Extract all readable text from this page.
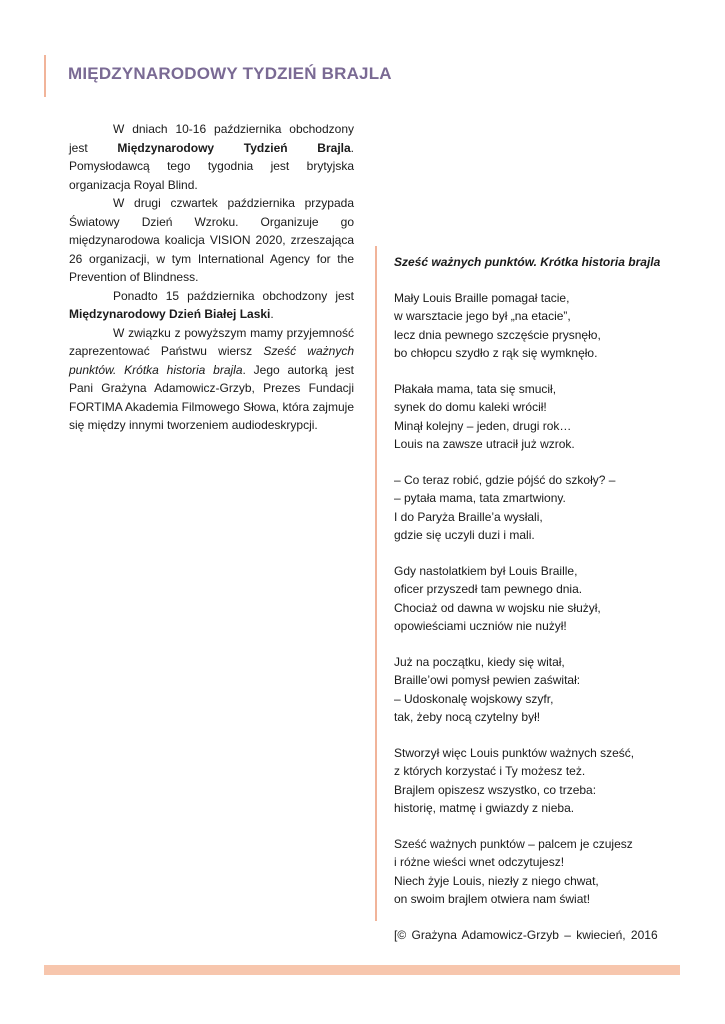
MIĘDZYNARODOWY TYDZIEŃ BRAJLA

W dniach 10-16 października obchodzony jest Międzynarodowy Tydzień Brajla. Pomysłodawcą tego tygodnia jest brytyjska organizacja Royal Blind.

W drugi czwartek października przypada Światowy Dzień Wzroku. Organizuje go międzynarodowa koalicja VISION 2020, zrzeszająca 26 organizacji, w tym International Agency for the Prevention of Blindness.

Ponadto 15 października obchodzony jest Międzynarodowy Dzień Białej Laski.

W związku z powyższym mamy przyjemność zaprezentować Państwu wiersz Sześć ważnych punktów. Krótka historia brajla. Jego autorką jest Pani Grażyna Adamowicz-Grzyb, Prezes Fundacji FORTIMA Akademia Filmowego Słowa, która zajmuje się między innymi tworzeniem audiodeskrypcji.

Sześć ważnych punktów. Krótka historia brajla

Mały Louis Braille pomagał tacie,
w warsztacie jego był „na etacie”,
lecz dnia pewnego szczęście prysnęło,
bo chłopcu szydło z rąk się wymknęło.
Płakała mama, tata się smucił,
synek do domu kaleki wrócił!
Minął kolejny – jeden, drugi rok…
Louis na zawsze utracił już wzrok.
– Co teraz robić, gdzie pójść do szkoły? –
– pytała mama, tata zmartwiony.
I do Paryża Braille’a wysłali,
gdzie się uczyli duzi i mali.
Gdy nastolatkiem był Louis Braille,
oficer przyszedł tam pewnego dnia.
Chociaż od dawna w wojsku nie służył,
opowieściami uczniów nie nużył!
Już na początku, kiedy się witał,
Braille’owi pomysł pewien zaświtał:
– Udoskonalę wojskowy szyfr,
tak, żeby nocą czytelny był!
Stworzył więc Louis punktów ważnych sześć,
z których korzystać i Ty możesz też.
Brajlem opiszesz wszystko, co trzeba:
historię, matmę i gwiazdy z nieba.
Sześć ważnych punktów – palcem je czujesz
i różne wieści wnet odczytujesz!
Niech żyje Louis, niezły z niego chwat,
on swoim brajlem otwiera nam świat!

[© Grażyna Adamowicz-Grzyb – kwiecień, 2016
